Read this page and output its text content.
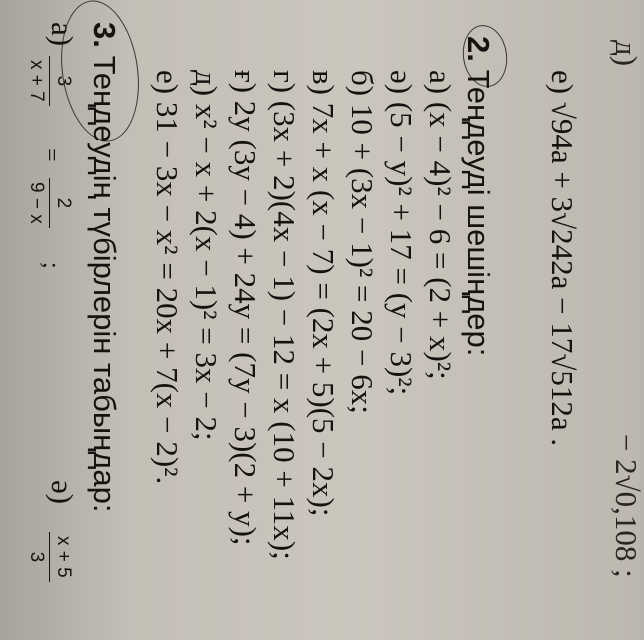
д) − 2√0,108 ;
е) √94a + 3√242a − 17√512a .
2. Теңдеуді шешіңдер:
а) (x − 4)² − 6 = (2 + x)²;
ә) (5 − y)² + 17 = (y − 3)²;
б) 10 + (3x − 1)² = 20 − 6x;
в) 7x + x (x − 7) = (2x + 5)(5 − 2x);
г) (3x + 2)(4x − 1) − 12 = x (10 + 11x);
ғ) 2y (3y − 4) + 24y = (7y − 3)(2 + y);
д) x² − x + 2(x − 1)² = 3x − 2;
е) 31 − 3x − x² = 20x + 7(x − 2)².
3. Теңдеудің түбірлерін табыңдар:
а)
3
x + 7
=
2
9 − x
;
ә)
x + 5
3
